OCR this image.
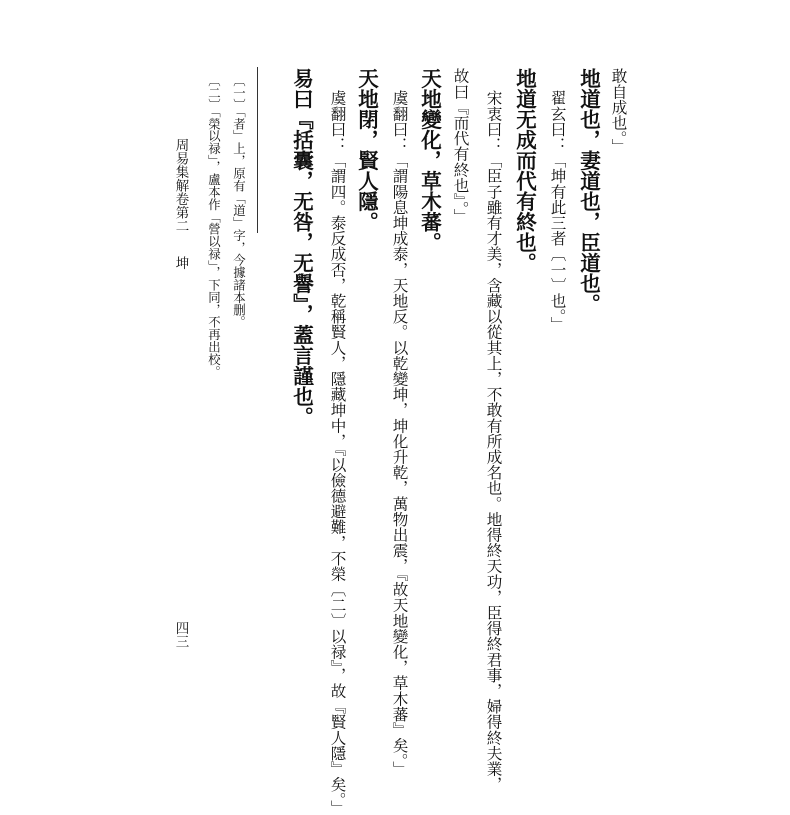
敢自成也。」
地道也，妻道也，臣道也。
翟玄曰：「坤有此三者〔一〕也。」
地道无成而代有終也。
宋衷曰：「臣子雖有才美，含藏以從其上，不敢有所成名也。地得終天功，臣得終君事，婦得終夫業，
故曰『而代有終也』。」
天地變化，草木蕃。
虞翻曰：「謂陽息坤成泰，天地反。以乾變坤，坤化升乾，萬物出震，『故天地變化，草木蕃』矣。」
天地閉，賢人隱。
虞翻曰：「謂四。泰反成否，乾稱賢人，隱藏坤中，『以儉德避難，不榮〔二〕以禄』，故『賢人隱』矣。」
易曰『括囊，无咎，无譽』，蓋言謹也。
〔一〕「者」上，原有「道」字，今據諸本删。
〔二〕「榮以禄」，盧本作「營以禄」，下同，不再出校。
周易集解卷第二
坤
四三
